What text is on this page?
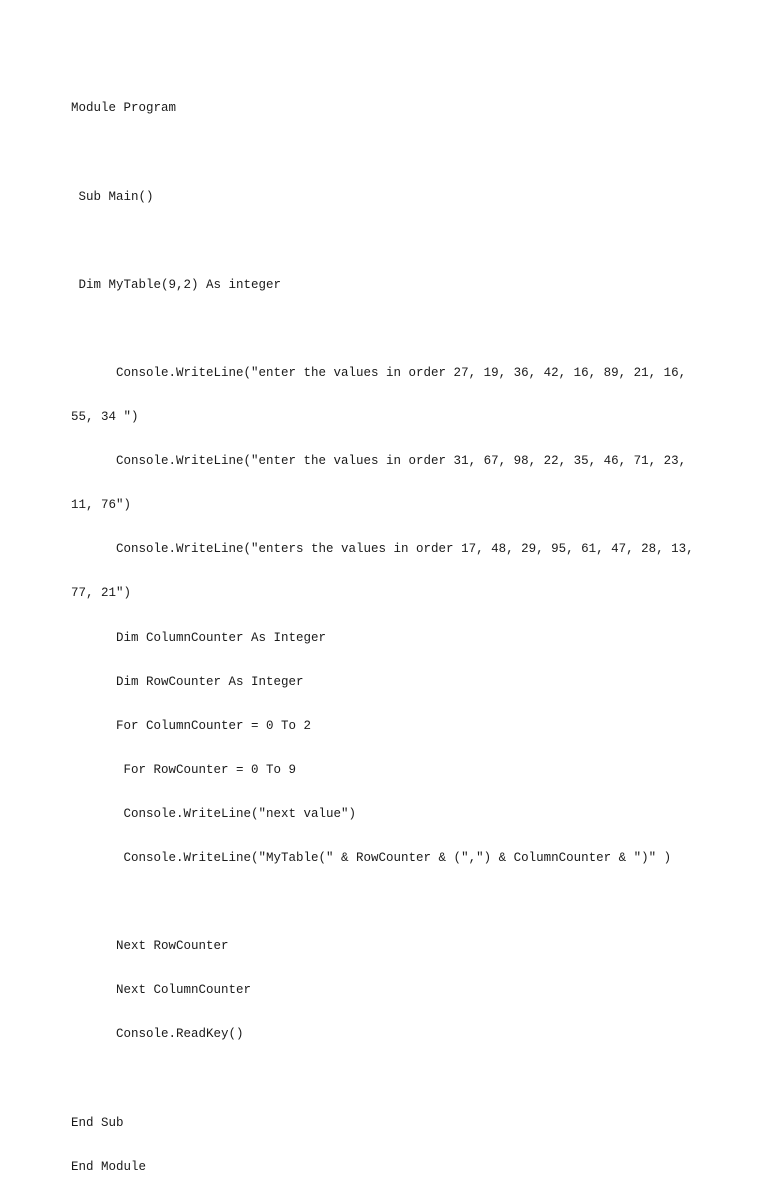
Module Program

Sub Main()

Dim MyTable(9,2) As integer

Console.WriteLine("enter the values in order 27, 19, 36, 42, 16, 89, 21, 16,

55, 34 ")

Console.WriteLine("enter the values in order 31, 67, 98, 22, 35, 46, 71, 23,

11, 76")

Console.WriteLine("enters the values in order 17, 48, 29, 95, 61, 47, 28, 13,

77, 21")

Dim ColumnCounter As Integer

Dim RowCounter As Integer

For ColumnCounter = 0 To 2

For RowCounter = 0 To 9

Console.WriteLine("next value")

Console.WriteLine("MyTable(" & RowCounter & (",") & ColumnCounter & ")" )

Next RowCounter

Next ColumnCounter

Console.ReadKey()

End Sub

End Module
